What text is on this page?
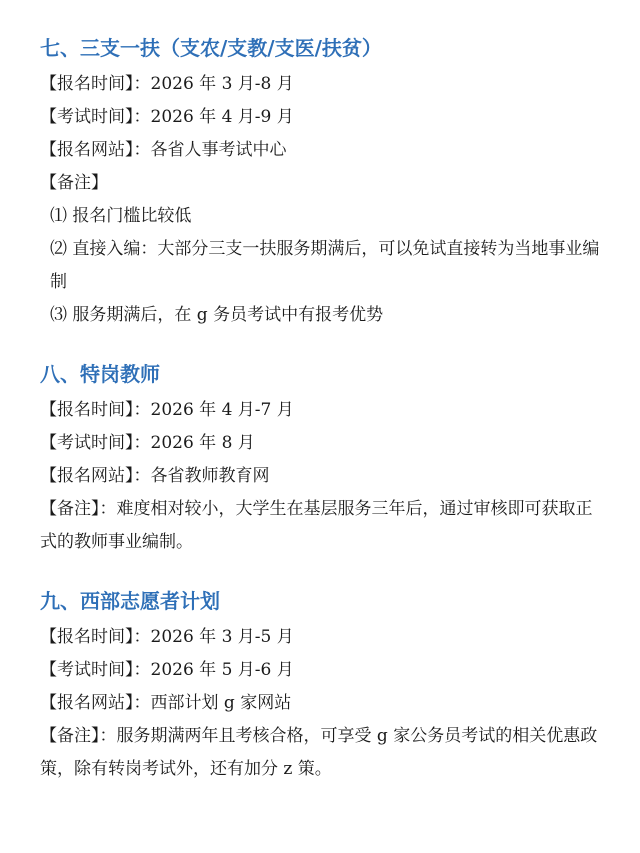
七、三支一扶（支农/支教/支医/扶贫）
【报名时间】：2026 年 3 月-8 月
【考试时间】：2026 年 4 月-9 月
【报名网站】：各省人事考试中心
【备注】
⑴ 报名门槛比较低
⑵ 直接入编：大部分三支一扶服务期满后，可以免试直接转为当地事业编制
⑶ 服务期满后，在 g 务员考试中有报考优势
八、特岗教师
【报名时间】：2026 年 4 月-7 月
【考试时间】：2026 年 8 月
【报名网站】：各省教师教育网
【备注】：难度相对较小，大学生在基层服务三年后，通过审核即可获取正式的教师事业编制。
九、西部志愿者计划
【报名时间】：2026 年 3 月-5 月
【考试时间】：2026 年 5 月-6 月
【报名网站】：西部计划 g 家网站
【备注】：服务期满两年且考核合格，可享受 g 家公务员考试的相关优惠政策，除有转岗考试外，还有加分 z 策。
